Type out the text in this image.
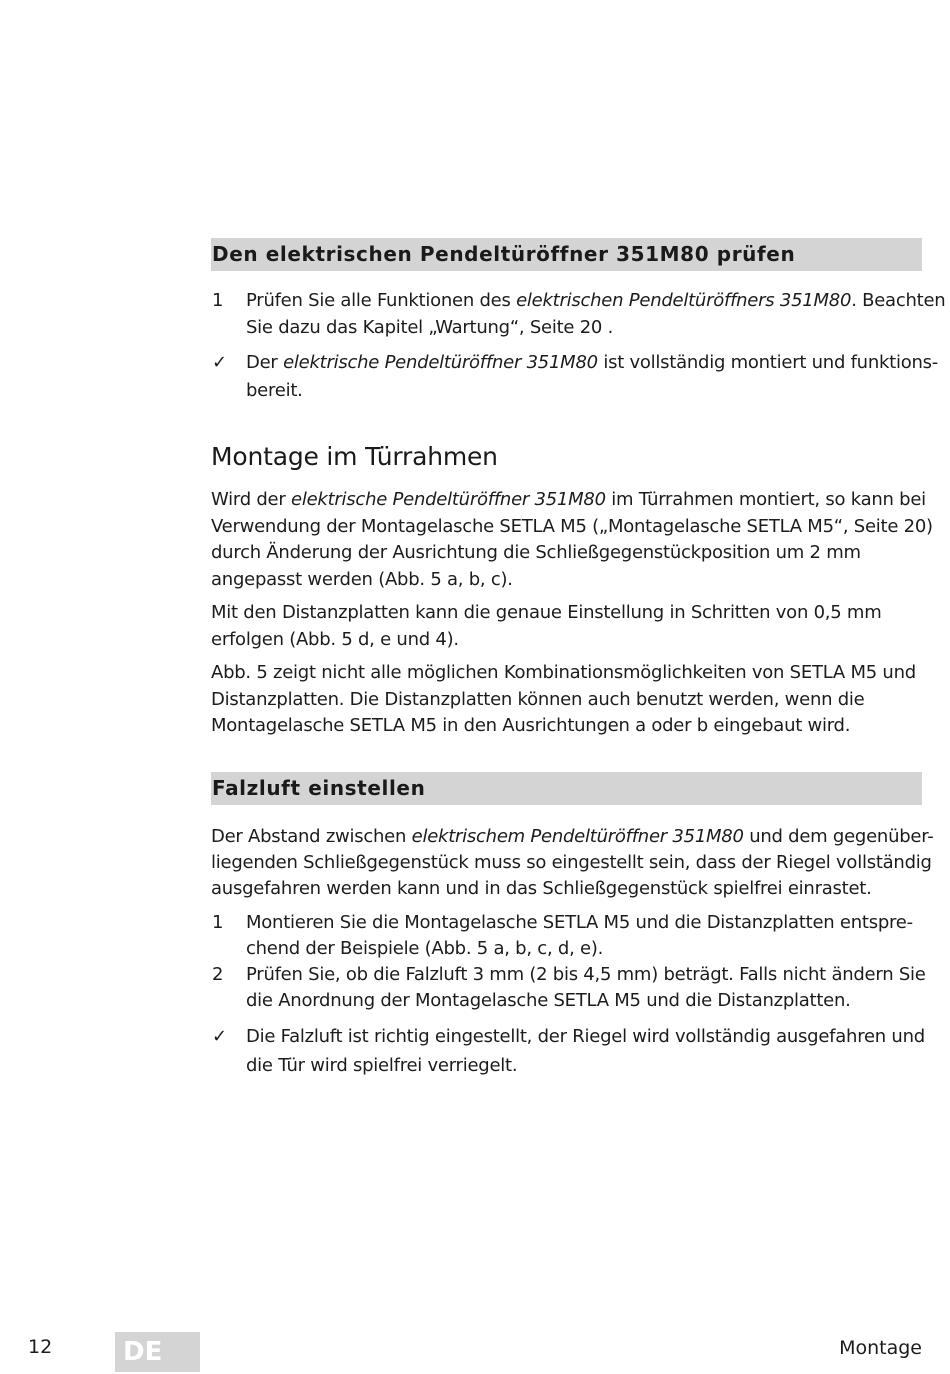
Den elektrischen Pendeltüröffner 351M80 prüfen
1 Prüfen Sie alle Funktionen des elektrischen Pendeltüröffners 351M80. Beachten
Sie dazu das Kapitel „Wartung“, Seite 20 .
✓ Der elektrische Pendeltüröffner 351M80 ist vollständig montiert und funktions-
bereit.
Montage im Türrahmen
Wird der elektrische Pendeltüröffner 351M80 im Türrahmen montiert, so kann bei
Verwendung der Montagelasche SETLA M5 („Montagelasche SETLA M5“, Seite 20)
durch Änderung der Ausrichtung die Schließgegenstückposition um 2 mm
angepasst werden (Abb. 5 a, b, c).
Mit den Distanzplatten kann die genaue Einstellung in Schritten von 0,5 mm
erfolgen (Abb. 5 d, e und 4).
Abb. 5 zeigt nicht alle möglichen Kombinationsmöglichkeiten von SETLA M5 und
Distanzplatten. Die Distanzplatten können auch benutzt werden, wenn die
Montagelasche SETLA M5 in den Ausrichtungen a oder b eingebaut wird.
Falzluft einstellen
Der Abstand zwischen elektrischem Pendeltüröffner 351M80 und dem gegenüber-
liegenden Schließgegenstück muss so eingestellt sein, dass der Riegel vollständig
ausgefahren werden kann und in das Schließgegenstück spielfrei einrastet.
1 Montieren Sie die Montagelasche SETLA M5 und die Distanzplatten entspre-
chend der Beispiele (Abb. 5 a, b, c, d, e).
2 Prüfen Sie, ob die Falzluft 3 mm (2 bis 4,5 mm) beträgt. Falls nicht ändern Sie
die Anordnung der Montagelasche SETLA M5 und die Distanzplatten.
✓ Die Falzluft ist richtig eingestellt, der Riegel wird vollständig ausgefahren und
die Tür wird spielfrei verriegelt.
12	DE	Montage
